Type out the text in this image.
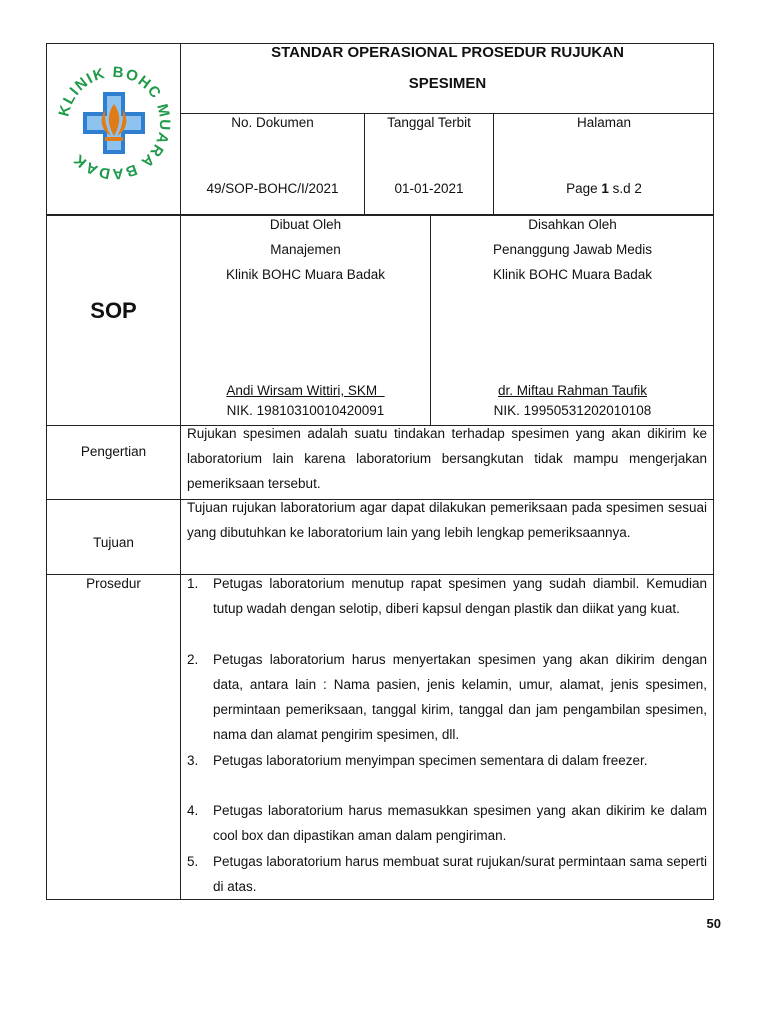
KLINIK BOHC MUARA BADAK
STANDAR OPERASIONAL PROSEDUR RUJUKAN
SPESIMEN
No. Dokumen	Tanggal Terbit	Halaman
49/SOP-BOHC/I/2021	01-01-2021	Page 1 s.d 2
SOP
Dibuat Oleh
Manajemen
Klinik BOHC Muara Badak
Andi Wirsam Wittiri, SKM
NIK. 19810310010420091
Disahkan Oleh
Penanggung Jawab Medis
Klinik BOHC Muara Badak
dr. Miftau Rahman Taufik
NIK. 19950531202010108
Pengertian
Rujukan spesimen adalah suatu tindakan terhadap spesimen yang akan dikirim ke laboratorium lain karena laboratorium bersangkutan tidak mampu mengerjakan pemeriksaan tersebut.
Tujuan
Tujuan rujukan laboratorium agar dapat dilakukan pemeriksaan pada spesimen sesuai yang dibutuhkan ke laboratorium lain yang lebih lengkap pemeriksaannya.
Prosedur	1. Petugas laboratorium menutup rapat spesimen yang sudah diambil. Kemudian tutup wadah dengan selotip, diberi kapsul dengan plastik dan diikat yang kuat.
2. Petugas laboratorium harus menyertakan spesimen yang akan dikirim dengan data, antara lain : Nama pasien, jenis kelamin, umur, alamat, jenis spesimen, permintaan pemeriksaan, tanggal kirim, tanggal dan jam pengambilan spesimen, nama dan alamat pengirim spesimen, dll.
3. Petugas laboratorium menyimpan specimen sementara di dalam freezer.
4. Petugas laboratorium harus memasukkan spesimen yang akan dikirim ke dalam cool box dan dipastikan aman dalam pengiriman.
5. Petugas laboratorium harus membuat surat rujukan/surat permintaan sama seperti di atas.
50
